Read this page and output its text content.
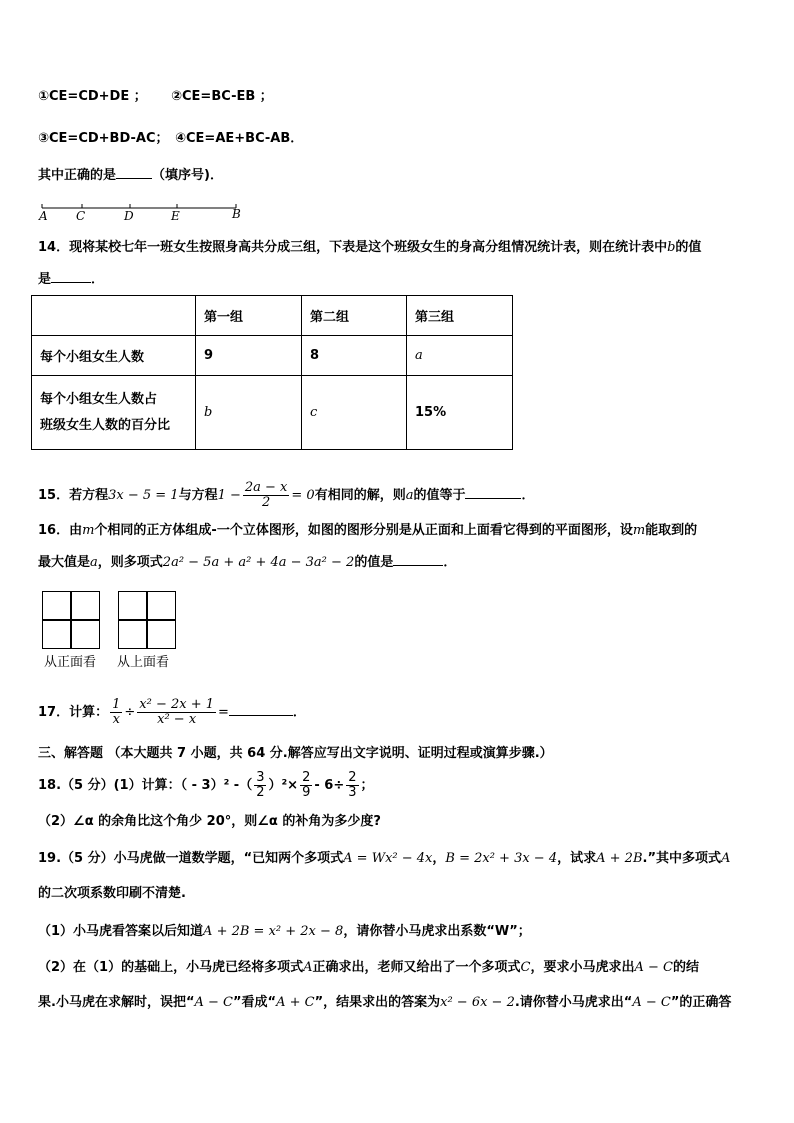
①CE=CD+DE ； ②CE=BC-EB ；
③CE=CD+BD-AC； ④CE=AE+BC-AB．
其中正确的是	（填序号)．
A C	D	E	B
14．现将某校七年一班女生按照身高共分成三组，下表是这个班级女生的身高分组情况统计表，则在统计表中b的值
是	．
	第一组	第二组	第三组
每个小组女生人数	9	8	a

每个小组女生人数占
班级女生人数的百分比	b	c	15%
15．若方程3x − 5 = 1与方程$1 - \frac{2a - x}{2} = 0$有相同的解，则a的值等于	．
16．由m个相同的正方体组成-一个立体图形，如图的图形分别是从正面和上面看它得到的平面图形，设m能取到的
最大值是a，则多项式2a² − 5a + a² + 4a − 3a² − 2的值是	．
从正面看 从上面看
17．计算： $\frac{1}{x} \div \frac{\text{x² − 2x + 1}}{\text{x² − x}}$ =	．
三、解答题 （本大题共 7 小题，共 64 分.解答应写出文字说明、证明过程或演算步骤.）
18.（5 分）(1）计算：（ - 3）² -（ $\frac{3}{2} )^2\times \frac{2}{9} - 6\div \frac{2}{3}$ ；
（2）∠α 的余角比这个角少 20°，则∠α 的补角为多少度?
19.（5 分）小马虎做一道数学题，“已知两个多项式A = Wx² − 4x，B = 2x² + 3x − 4，试求A + 2B.”其中多项式A
的二次项系数印刷不清楚.
（1）小马虎看答案以后知道A + 2B = x² + 2x − 8，请你替小马虎求出系数“W”；
（2）在（1）的基础上，小马虎已经将多项式A正确求出，老师又给出了一个多项式C，要求小马虎求出A − C的结
果.小马虎在求解时，误把“A − C”看成“A + C”，结果求出的答案为x² − 6x − 2.请你替小马虎求出“A − C”的正确答
